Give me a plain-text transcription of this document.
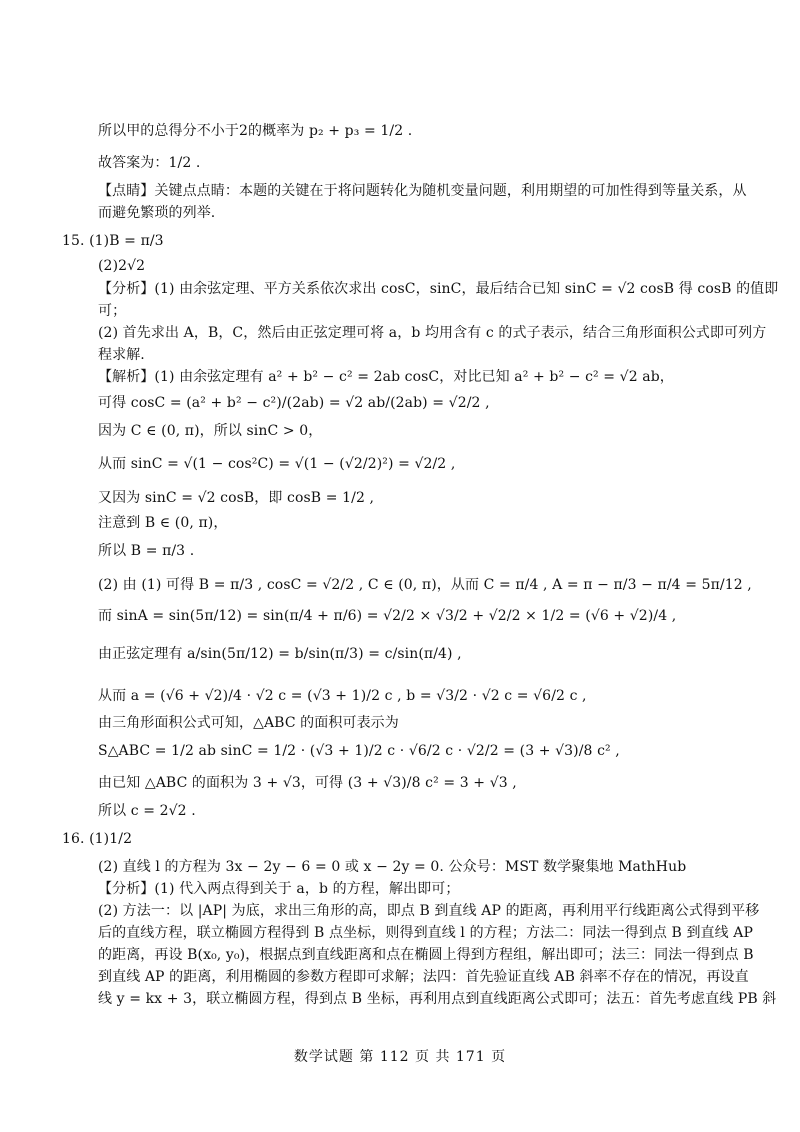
所以甲的总得分不小于2的概率为 p₂ + p₃ = 1/2 .
故答案为：1/2 .
【点睛】关键点点睛：本题的关键在于将问题转化为随机变量问题，利用期望的可加性得到等量关系，从
而避免繁琐的列举.
15. (1)B = π/3
(2)2√2
【分析】(1) 由余弦定理、平方关系依次求出 cosC，sinC，最后结合已知 sinC = √2 cosB 得 cosB 的值即
可；
(2) 首先求出 A，B，C，然后由正弦定理可将 a，b 均用含有 c 的式子表示，结合三角形面积公式即可列方
程求解.
【解析】(1) 由余弦定理有 a² + b² − c² = 2ab cosC，对比已知 a² + b² − c² = √2 ab，
可得 cosC = (a² + b² − c²)/(2ab) = √2 ab/(2ab) = √2/2 ,
因为 C ∈ (0, π)，所以 sinC > 0，
从而 sinC = √(1 − cos²C) = √(1 − (√2/2)²) = √2/2 ,
又因为 sinC = √2 cosB，即 cosB = 1/2 ,
注意到 B ∈ (0, π)，
所以 B = π/3 .
(2) 由 (1) 可得 B = π/3 , cosC = √2/2 , C ∈ (0, π)，从而 C = π/4 , A = π − π/3 − π/4 = 5π/12 ,
而 sinA = sin(5π/12) = sin(π/4 + π/6) = √2/2 × √3/2 + √2/2 × 1/2 = (√6 + √2)/4 ,
由正弦定理有 a/sin(5π/12) = b/sin(π/3) = c/sin(π/4) ,
从而 a = (√6 + √2)/4 · √2 c = (√3 + 1)/2 c , b = √3/2 · √2 c = √6/2 c ,
由三角形面积公式可知，△ABC 的面积可表示为
S△ABC = 1/2 ab sinC = 1/2 · (√3 + 1)/2 c · √6/2 c · √2/2 = (3 + √3)/8 c² ,
由已知 △ABC 的面积为 3 + √3，可得 (3 + √3)/8 c² = 3 + √3 ,
所以 c = 2√2 .
16. (1)1/2
(2) 直线 l 的方程为 3x − 2y − 6 = 0 或 x − 2y = 0. 公众号：MST 数学聚集地 MathHub
【分析】(1) 代入两点得到关于 a，b 的方程，解出即可；
(2) 方法一：以 |AP| 为底，求出三角形的高，即点 B 到直线 AP 的距离，再利用平行线距离公式得到平移
后的直线方程，联立椭圆方程得到 B 点坐标，则得到直线 l 的方程；方法二：同法一得到点 B 到直线 AP
的距离，再设 B(x₀, y₀)，根据点到直线距离和点在椭圆上得到方程组，解出即可；法三：同法一得到点 B
到直线 AP 的距离，利用椭圆的参数方程即可求解；法四：首先验证直线 AB 斜率不存在的情况，再设直
线 y = kx + 3，联立椭圆方程，得到点 B 坐标，再利用点到直线距离公式即可；法五：首先考虑直线 PB 斜
数学试题 第 112 页 共 171 页
